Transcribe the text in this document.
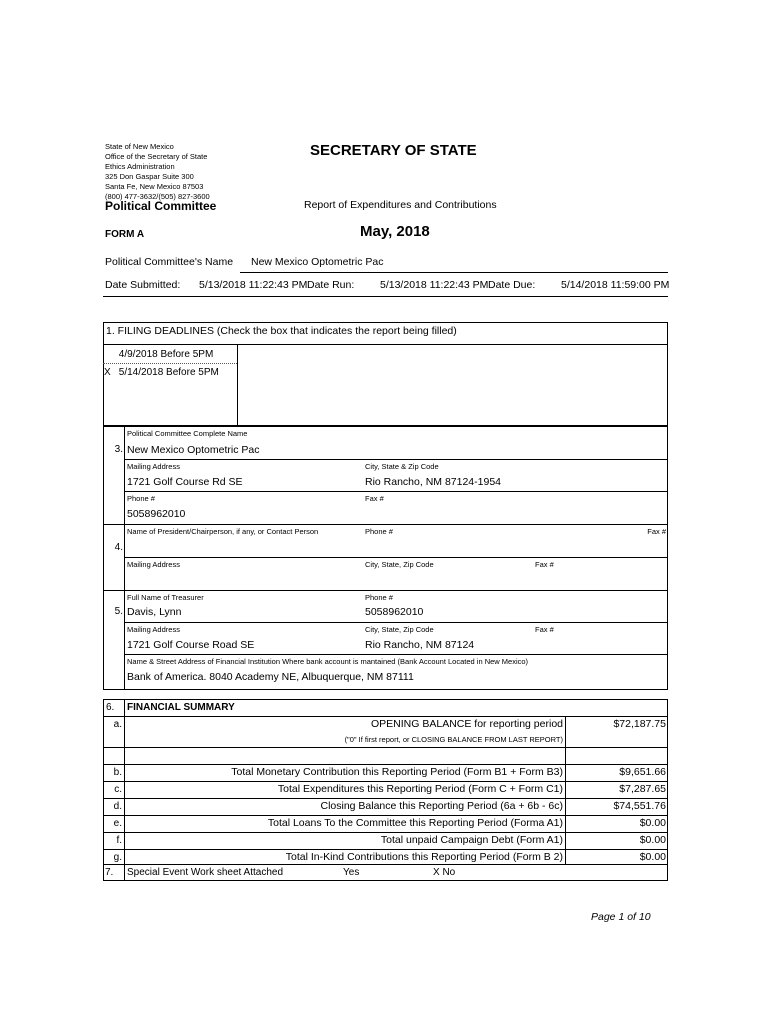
State of New Mexico
Office of the Secretary of State
Ethics Administration
325 Don Gaspar Suite 300
Santa Fe, New Mexico 87503
(800) 477-3632/(505) 827-3600
SECRETARY OF STATE
Political Committee	Report of Expenditures and Contributions
FORM A	May, 2018
Political Committee's Name New Mexico Optometric Pac
Date Submitted: 5/13/2018 11:22:43 PM Date Run: 5/13/2018 11:22:43 PM Date Due: 5/14/2018 11:59:00 PM
1. FILING DEADLINES (Check the box that indicates the report being filled)
4/9/2018 Before 5PM
X 5/14/2018 Before 5PM
3.
Political Committee Complete Name
New Mexico Optometric Pac
Mailing Address	City, State & Zip Code
1721 Golf Course Rd SE	Rio Rancho, NM 87124-1954
Phone #	Fax #
5058962010
Name of President/Chairperson, if any, or Contact Person	Phone #	Fax #
4.
Mailing Address	City, State, Zip Code	Fax #
Full Name of Treasurer	Phone #
5. Davis, Lynn	5058962010
Mailing Address	City, State, Zip Code	Fax #
1721 Golf Course Road SE	Rio Rancho, NM 87124
Name & Street Address of Financial Institution Where bank account is mantained (Bank Account Located in New Mexico)
Bank of America. 8040 Academy NE, Albuquerque, NM 87111
6. FINANCIAL SUMMARY
a.	OPENING BALANCE for reporting period	$72,187.75
("0" If first report, or CLOSING BALANCE FROM LAST REPORT)
b.	Total Monetary Contribution this Reporting Period (Form B1 + Form B3)	$9,651.66
c.	Total Expenditures this Reporting Period (Form C + Form C1)	$7,287.65
d.	Closing Balance this Reporting Period (6a + 6b - 6c)	$74,551.76
e.	Total Loans To the Committee this Reporting Period (Forma A1)	$0.00
f.	Total unpaid Campaign Debt (Form A1)	$0.00
g.	Total In-Kind Contributions this Reporting Period (Form B 2)	$0.00
7. Special Event Work sheet Attached	Yes	X No
Page 1 of 10
